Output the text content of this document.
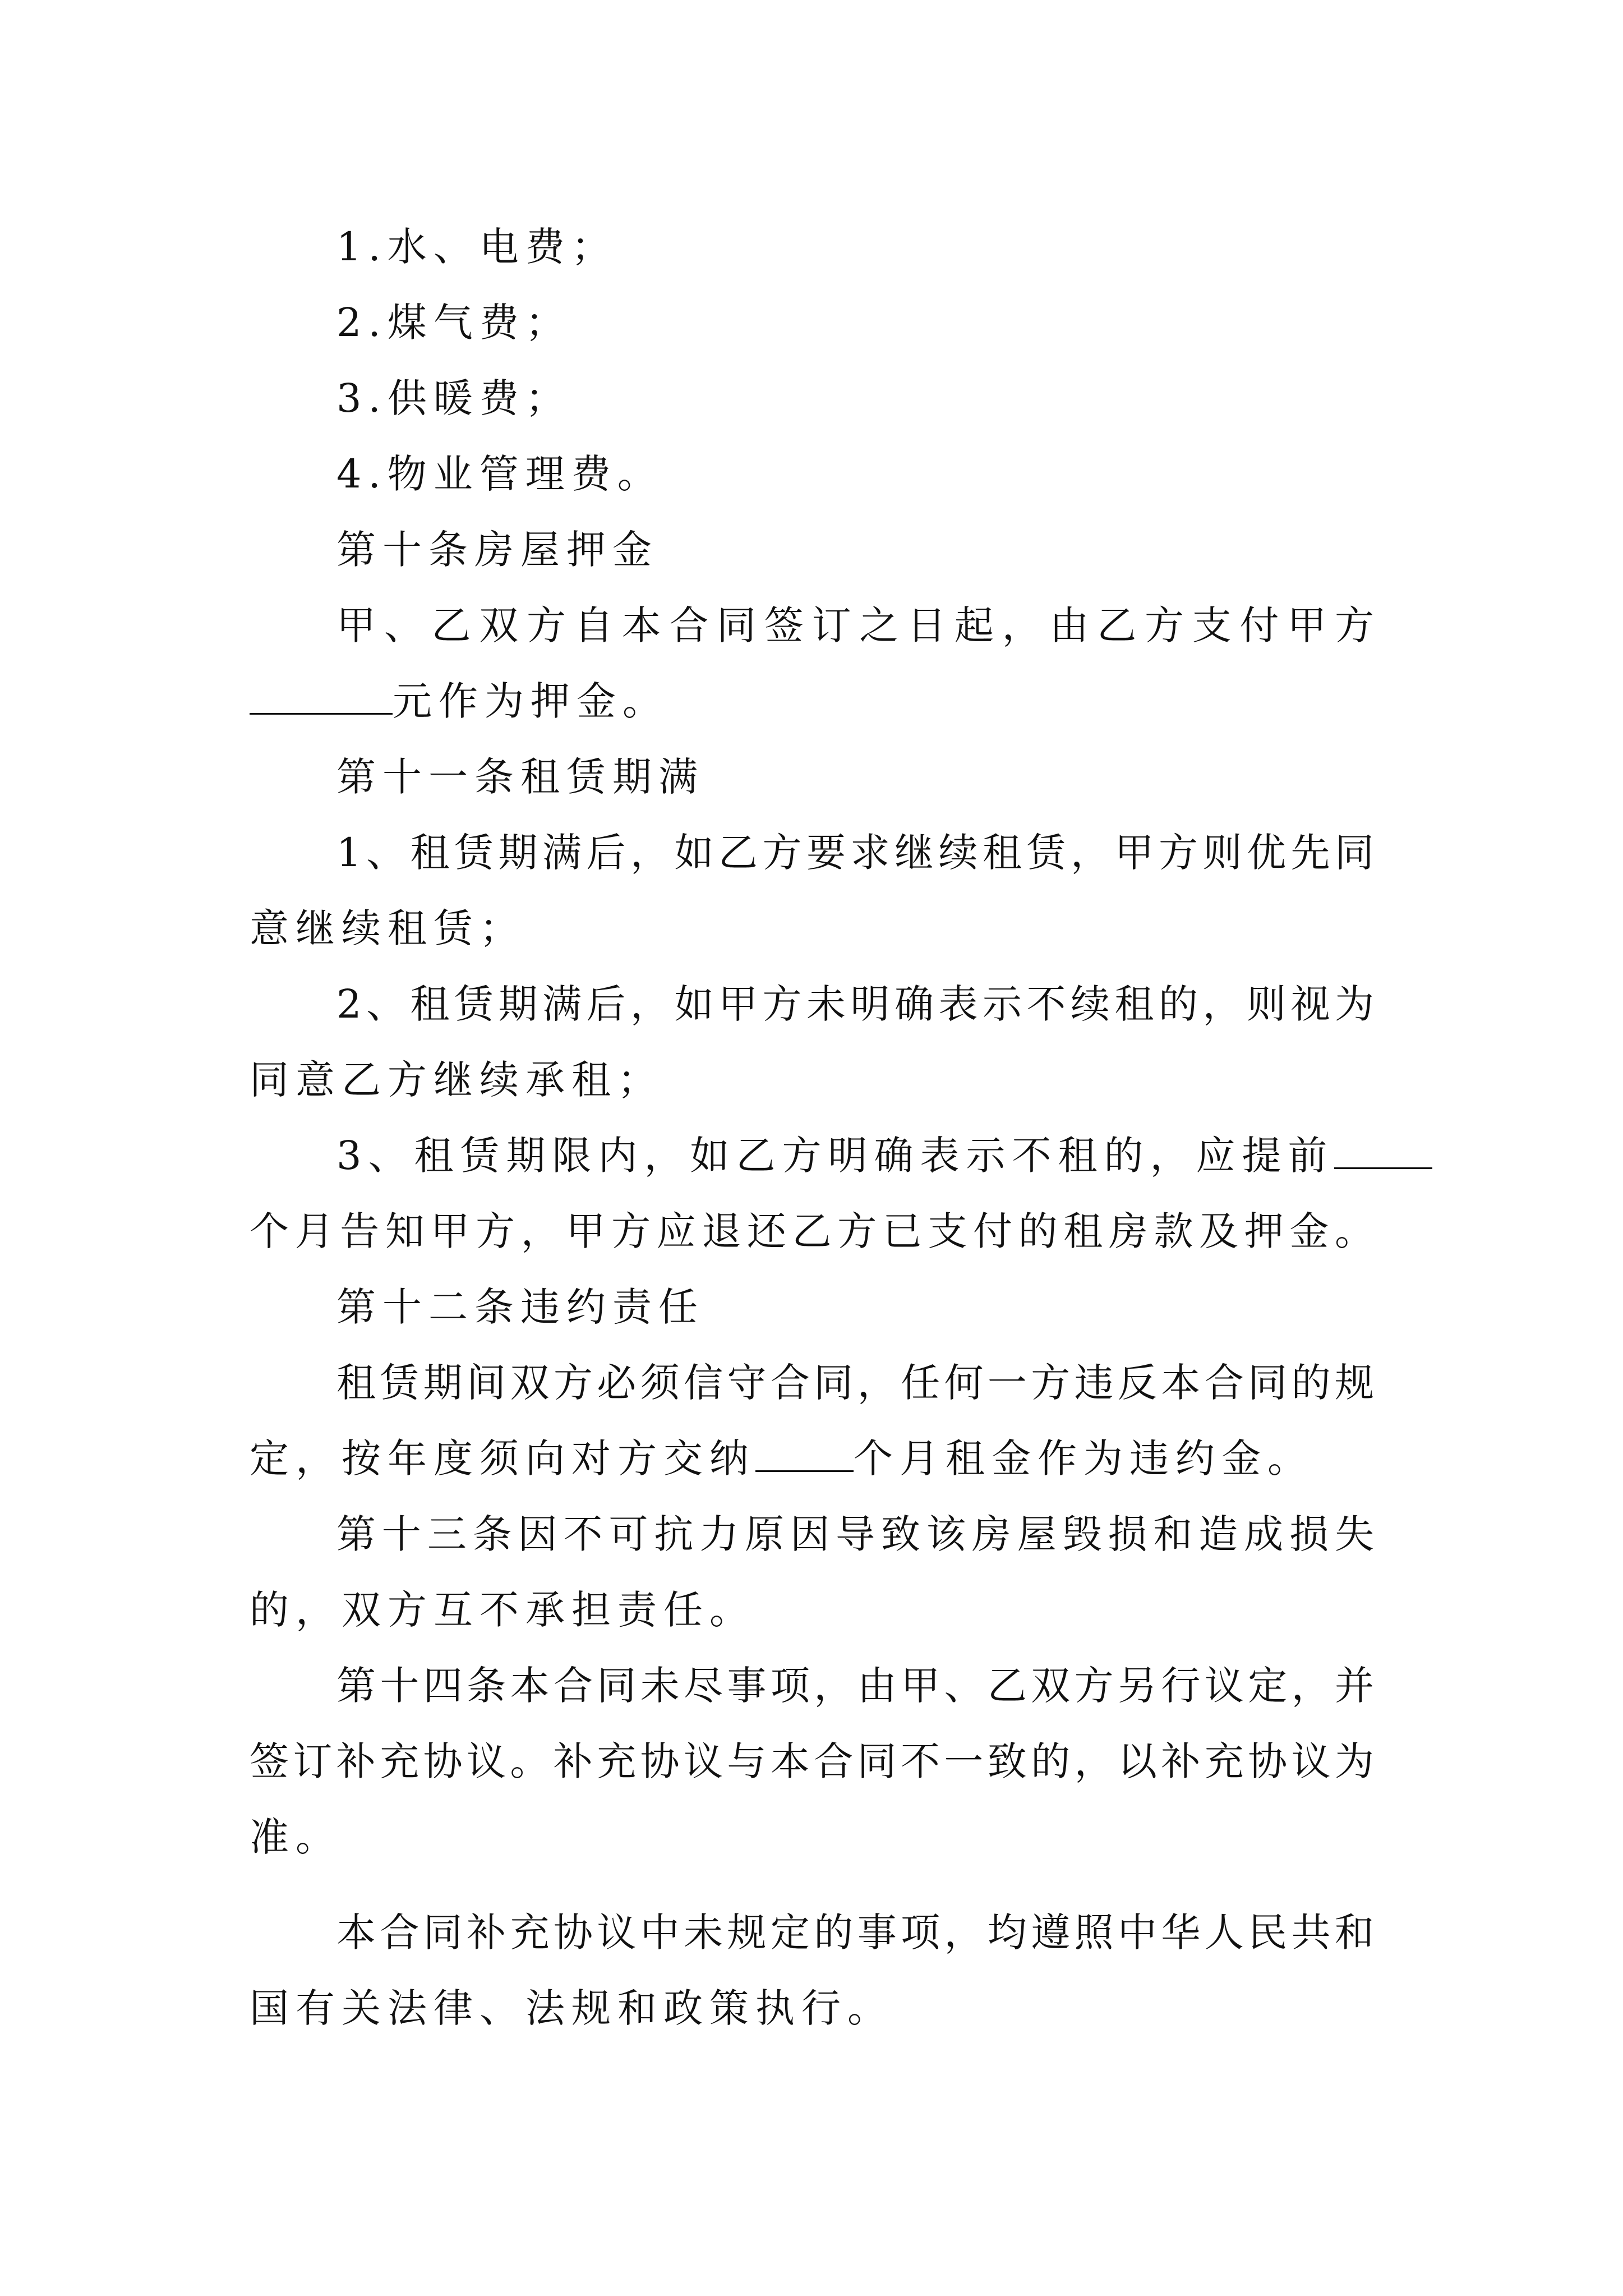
1.水、电费；
2.煤气费；
3.供暖费；
4.物业管理费。
第十条房屋押金
甲、乙双方自本合同签订之日起，由乙方支付甲方
元作为押金。
第十一条租赁期满
1、租赁期满后，如乙方要求继续租赁，甲方则优先同
意继续租赁；
2、租赁期满后，如甲方未明确表示不续租的，则视为
同意乙方继续承租；
3、租赁期限内，如乙方明确表示不租的，应提前
个月告知甲方，甲方应退还乙方已支付的租房款及押金。
第十二条违约责任
租赁期间双方必须信守合同，任何一方违反本合同的规
定，按年度须向对方交纳	个月租金作为违约金。
第十三条因不可抗力原因导致该房屋毁损和造成损失
的，双方互不承担责任。
第十四条本合同未尽事项，由甲、乙双方另行议定，并
签订补充协议。补充协议与本合同不一致的，以补充协议为
准。
本合同补充协议中未规定的事项，均遵照中华人民共和
国有关法律、法规和政策执行。
